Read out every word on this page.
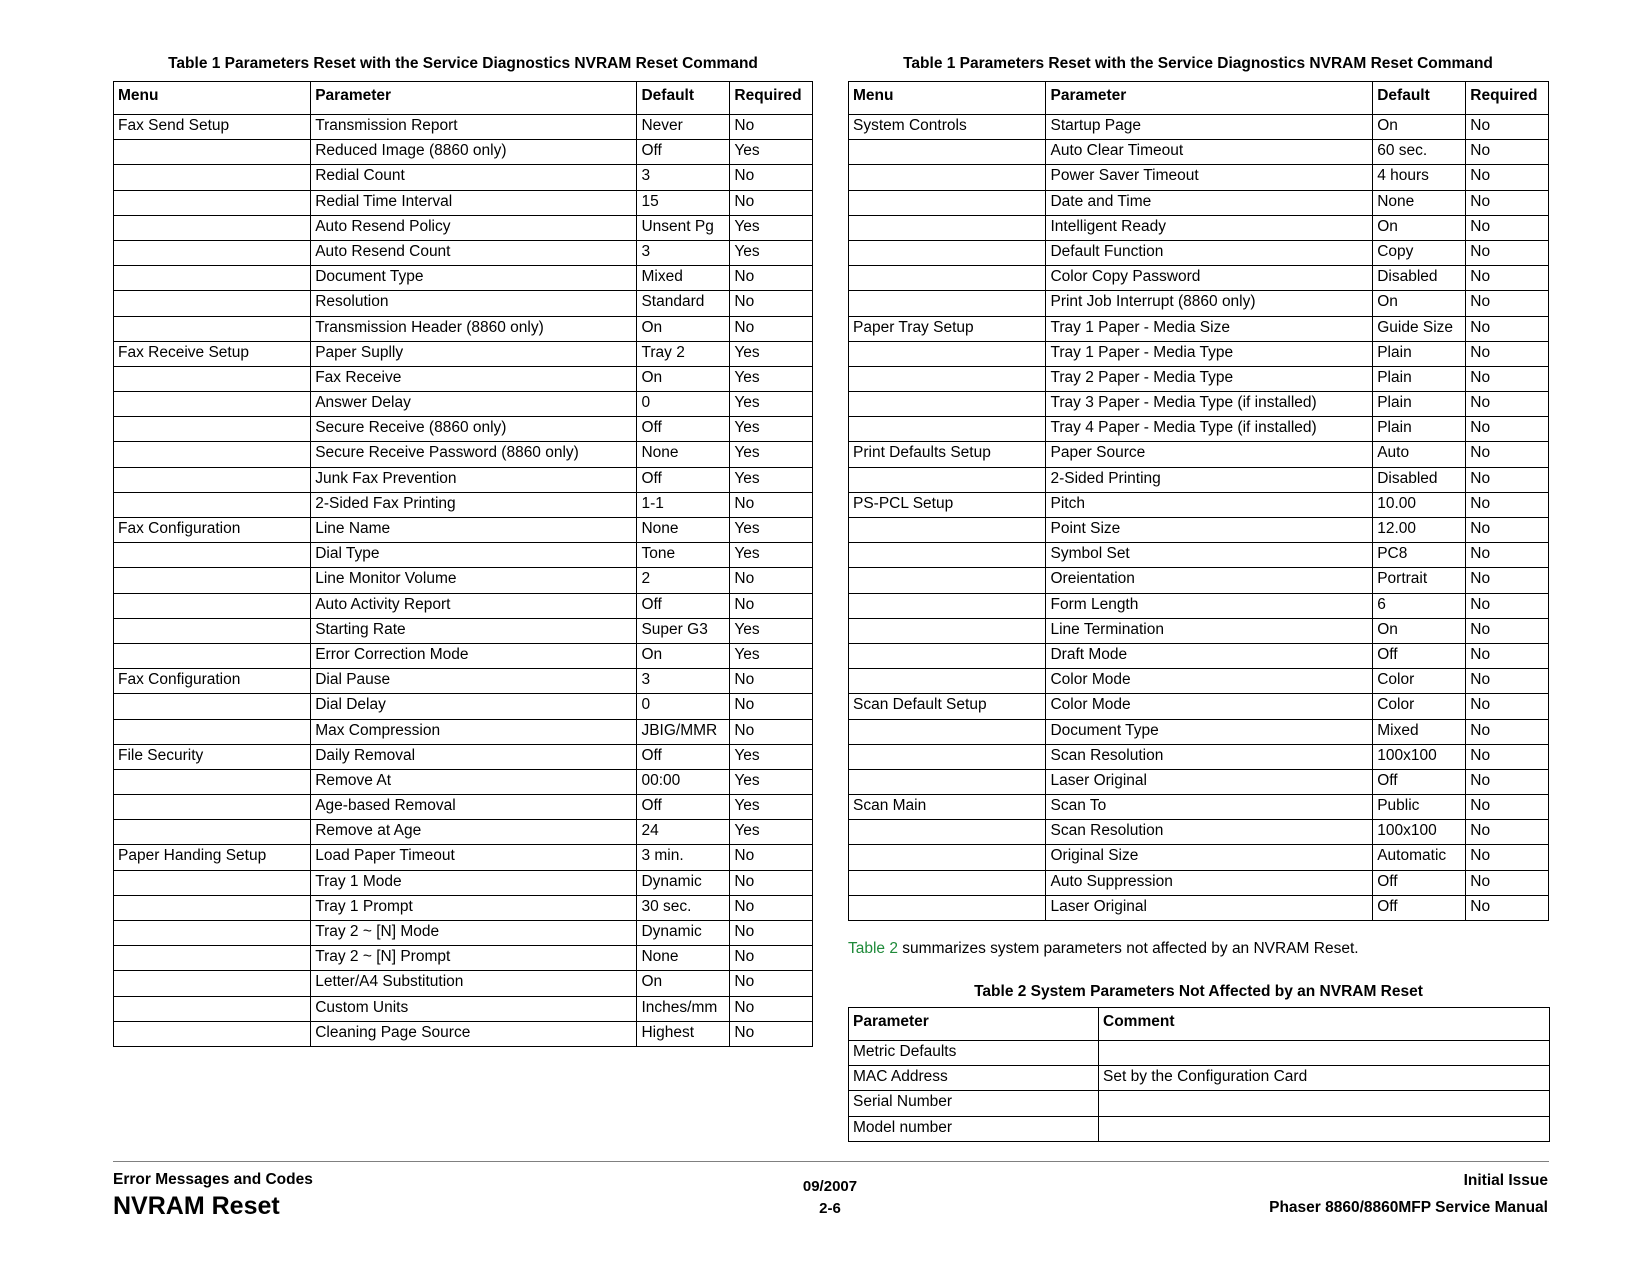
Table 1 Parameters Reset with the Service Diagnostics NVRAM Reset Command
Menu	Parameter	Default	Required
Fax Send Setup	Transmission Report	Never	No
	Reduced Image (8860 only)	Off	Yes
	Redial Count	3	No
	Redial Time Interval	15	No
	Auto Resend Policy	Unsent Pg	Yes
	Auto Resend Count	3	Yes
	Document Type	Mixed	No
	Resolution	Standard	No
	Transmission Header (8860 only)	On	No
Fax Receive Setup	Paper Suplly	Tray 2	Yes
	Fax Receive	On	Yes
	Answer Delay	0	Yes
	Secure Receive (8860 only)	Off	Yes
	Secure Receive Password (8860 only)	None	Yes
	Junk Fax Prevention	Off	Yes
	2-Sided Fax Printing	1-1	No
Fax Configuration	Line Name	None	Yes
	Dial Type	Tone	Yes
	Line Monitor Volume	2	No
	Auto Activity Report	Off	No
	Starting Rate	Super G3	Yes
	Error Correction Mode	On	Yes
Fax Configuration	Dial Pause	3	No
	Dial Delay	0	No
	Max Compression	JBIG/MMR	No
File Security	Daily Removal	Off	Yes
	Remove At	00:00	Yes
	Age-based Removal	Off	Yes
	Remove at Age	24	Yes
Paper Handing Setup	Load Paper Timeout	3 min.	No
	Tray 1 Mode	Dynamic	No
	Tray 1 Prompt	30 sec.	No
	Tray 2 ~ [N] Mode	Dynamic	No
	Tray 2 ~ [N] Prompt	None	No
	Letter/A4 Substitution	On	No
	Custom Units	Inches/mm	No
	Cleaning Page Source	Highest	No
Table 1 Parameters Reset with the Service Diagnostics NVRAM Reset Command
Menu	Parameter	Default	Required
System Controls	Startup Page	On	No
	Auto Clear Timeout	60 sec.	No
	Power Saver Timeout	4 hours	No
	Date and Time	None	No
	Intelligent Ready	On	No
	Default Function	Copy	No
	Color Copy Password	Disabled	No
	Print Job Interrupt (8860 only)	On	No
Paper Tray Setup	Tray 1 Paper - Media Size	Guide Size	No
	Tray 1 Paper - Media Type	Plain	No
	Tray 2 Paper - Media Type	Plain	No
	Tray 3 Paper - Media Type (if installed)	Plain	No
	Tray 4 Paper - Media Type (if installed)	Plain	No
Print Defaults Setup	Paper Source	Auto	No
	2-Sided Printing	Disabled	No
PS-PCL Setup	Pitch	10.00	No
	Point Size	12.00	No
	Symbol Set	PC8	No
	Oreientation	Portrait	No
	Form Length	6	No
	Line Termination	On	No
	Draft Mode	Off	No
	Color Mode	Color	No
Scan Default Setup	Color Mode	Color	No
	Document Type	Mixed	No
	Scan Resolution	100x100	No
	Laser Original	Off	No
Scan Main	Scan To	Public	No
	Scan Resolution	100x100	No
	Original Size	Automatic	No
	Auto Suppression	Off	No
	Laser Original	Off	No
Table 2 summarizes system parameters not affected by an NVRAM Reset.
Table 2 System Parameters Not Affected by an NVRAM Reset
Parameter	Comment
Metric Defaults	
MAC Address	Set by the Configuration Card
Serial Number	
Model number	
Error Messages and Codes
NVRAM Reset
09/2007
2-6
Initial Issue
Phaser 8860/8860MFP Service Manual
